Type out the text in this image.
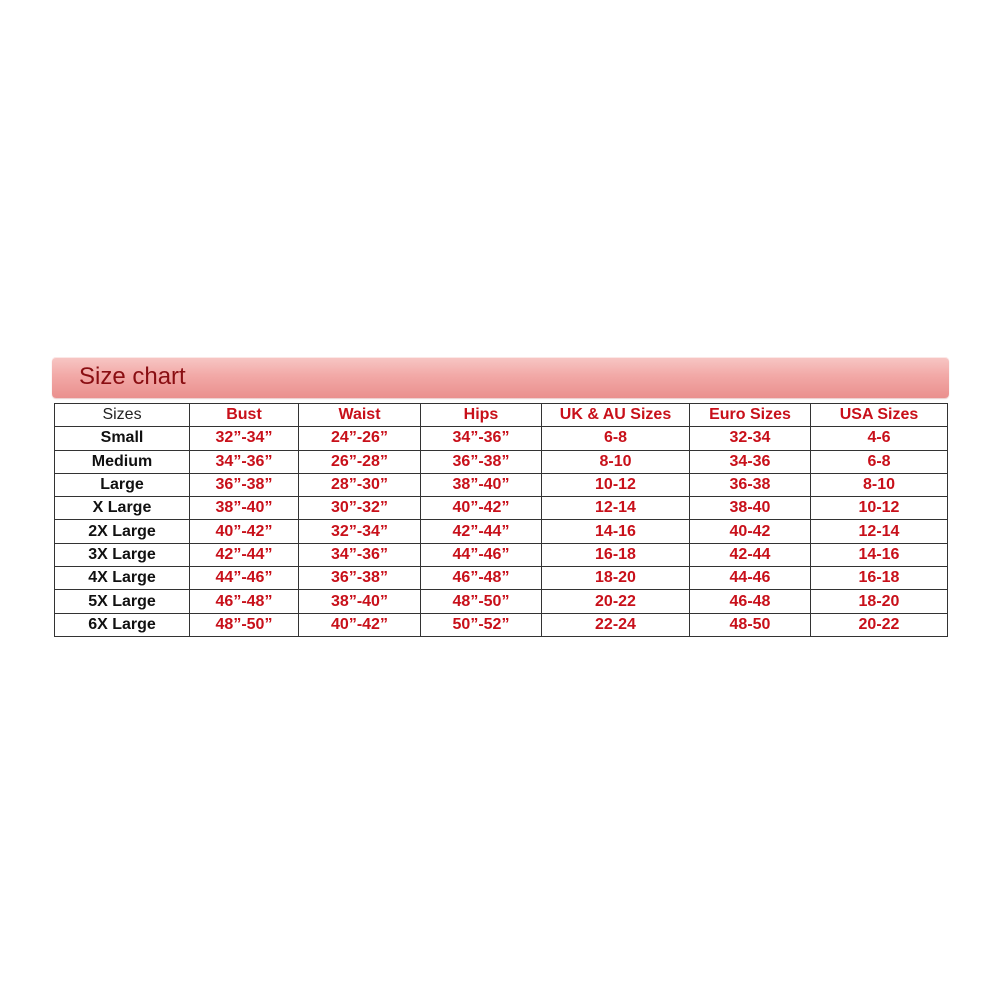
Size chart
Sizes	Bust	Waist	Hips	UK & AU Sizes	Euro Sizes	USA Sizes
Small	32”-34”	24”-26”	34”-36”	6-8	32-34	4-6
Medium	34”-36”	26”-28”	36”-38”	8-10	34-36	6-8
Large	36”-38”	28”-30”	38”-40”	10-12	36-38	8-10
X Large	38”-40”	30”-32”	40”-42”	12-14	38-40	10-12
2X Large	40”-42”	32”-34”	42”-44”	14-16	40-42	12-14
3X Large	42”-44”	34”-36”	44”-46”	16-18	42-44	14-16
4X Large	44”-46”	36”-38”	46”-48”	18-20	44-46	16-18
5X Large	46”-48”	38”-40”	48”-50”	20-22	46-48	18-20
6X Large	48”-50”	40”-42”	50”-52”	22-24	48-50	20-22
